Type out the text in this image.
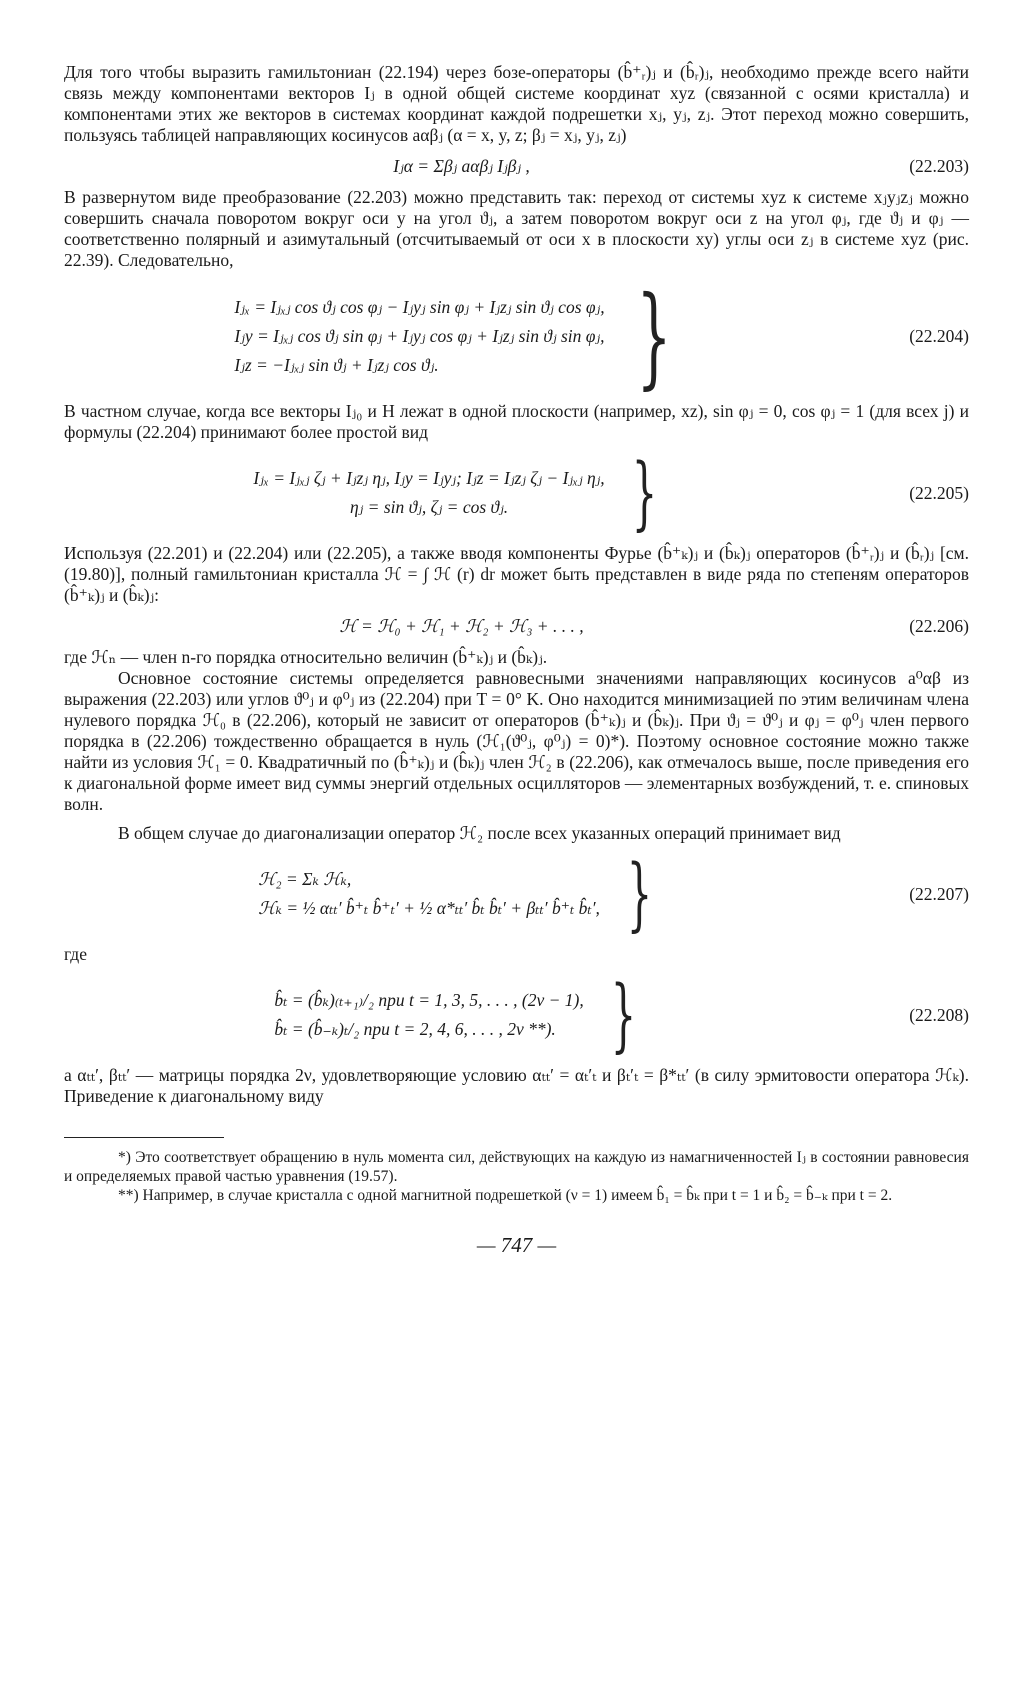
Для того чтобы выразить гамильтониан (22.194) через бозе-операторы (b̂⁺ᵣ)ⱼ и (b̂ᵣ)ⱼ, необходимо прежде всего найти связь между компонентами векторов Iⱼ в одной общей системе координат xyz (связанной с осями кристалла) и компонентами этих же векторов в системах координат каждой подрешетки xⱼ, yⱼ, zⱼ. Этот переход можно совершить, пользуясь таблицей направляющих косинусов aαβⱼ (α = x, y, z; βⱼ = xⱼ, yⱼ, zⱼ)

Iⱼα = Σβⱼ aαβⱼ Iⱼβⱼ ,	(22.203)

В развернутом виде преобразование (22.203) можно представить так: переход от системы xyz к системе xⱼyⱼzⱼ можно совершить сначала поворотом вокруг оси y на угол ϑⱼ, а затем поворотом вокруг оси z на угол φⱼ, где ϑⱼ и φⱼ — соответственно полярный и азимутальный (отсчитываемый от оси x в плоскости xy) углы оси zⱼ в системе xyz (рис. 22.39). Следовательно,

Iⱼₓ = Iⱼₓⱼ cos ϑⱼ cos φⱼ − Iⱼyⱼ sin φⱼ + Iⱼzⱼ sin ϑⱼ cos φⱼ,
Iⱼy = Iⱼₓⱼ cos ϑⱼ sin φⱼ + Iⱼyⱼ cos φⱼ + Iⱼzⱼ sin ϑⱼ sin φⱼ,
Iⱼz = −Iⱼₓⱼ sin ϑⱼ + Iⱼzⱼ cos ϑⱼ.	}	(22.204)

В частном случае, когда все векторы Iⱼ₀ и H лежат в одной плоскости (например, xz), sin φⱼ = 0, cos φⱼ = 1 (для всех j) и формулы (22.204) принимают более простой вид

Iⱼₓ = Iⱼₓⱼ ζⱼ + Iⱼzⱼ ηⱼ, Iⱼy = Iⱼyⱼ; Iⱼz = Iⱼzⱼ ζⱼ − Iⱼₓⱼ ηⱼ,
ηⱼ = sin ϑⱼ, ζⱼ = cos ϑⱼ. }	(22.205)

Используя (22.201) и (22.204) или (22.205), а также вводя компоненты Фурье (b̂⁺ₖ)ⱼ и (b̂ₖ)ⱼ операторов (b̂⁺ᵣ)ⱼ и (b̂ᵣ)ⱼ [см. (19.80)], полный гамильтониан кристалла ℋ = ∫ ℋ (r) dr может быть представлен в виде ряда по степеням операторов (b̂⁺ₖ)ⱼ и (b̂ₖ)ⱼ:

ℋ = ℋ₀ + ℋ₁ + ℋ₂ + ℋ₃ + . . . ,	(22.206)

где ℋₙ — член n-го порядка относительно величин (b̂⁺ₖ)ⱼ и (b̂ₖ)ⱼ.

Основное состояние системы определяется равновесными значениями направляющих косинусов a⁰αβ из выражения (22.203) или углов ϑ⁰ⱼ и φ⁰ⱼ из (22.204) при T = 0° K. Оно находится минимизацией по этим величинам члена нулевого порядка ℋ₀ в (22.206), который не зависит от операторов (b̂⁺ₖ)ⱼ и (b̂ₖ)ⱼ. При ϑⱼ = ϑ⁰ⱼ и φⱼ = φ⁰ⱼ член первого порядка в (22.206) тождественно обращается в нуль (ℋ₁(ϑ⁰ⱼ, φ⁰ⱼ) = 0)*). Поэтому основное состояние можно также найти из условия ℋ₁ = 0. Квадратичный по (b̂⁺ₖ)ⱼ и (b̂ₖ)ⱼ член ℋ₂ в (22.206), как отмечалось выше, после приведения его к диагональной форме имеет вид суммы энергий отдельных осцилляторов — элементарных возбуждений, т. е. спиновых волн.

В общем случае до диагонализации оператор ℋ₂ после всех указанных операций принимает вид

ℋ₂ = Σₖ ℋₖ,
ℋₖ = ½ αₜₜ′ b̂⁺ₜ b̂⁺ₜ′ + ½ α*ₜₜ′ b̂ₜ b̂ₜ′ + βₜₜ′ b̂⁺ₜ b̂ₜ′, }	(22.207)

где

b̂ₜ = (b̂ₖ)₍ₜ₊₁₎/₂ при t = 1, 3, 5, . . . , (2ν − 1),
b̂ₜ = (b̂₋ₖ)ₜ/₂ при t = 2, 4, 6, . . . , 2ν **). }	(22.208)

а αₜₜ′, βₜₜ′ — матрицы порядка 2ν, удовлетворяющие условию αₜₜ′ = αₜ′ₜ и βₜ′ₜ = β*ₜₜ′ (в силу эрмитовости оператора ℋₖ). Приведение к диагональному виду

*) Это соответствует обращению в нуль момента сил, действующих на каждую из намагниченностей Iⱼ в состоянии равновесия и определяемых правой частью уравнения (19.57).

**) Например, в случае кристалла с одной магнитной подрешеткой (ν = 1) имеем b̂₁ = b̂ₖ при t = 1 и b̂₂ = b̂₋ₖ при t = 2.

— 747 —
